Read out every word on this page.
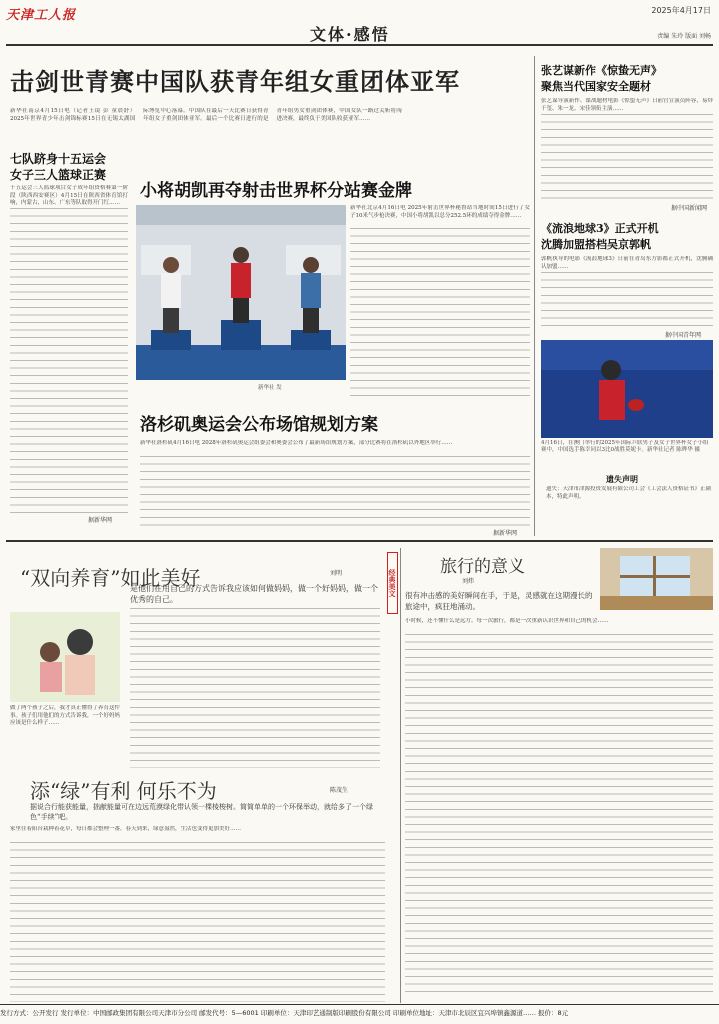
天津工人报	2025年4月17日
文体·感悟	责编 朱玲 版面 刘畅
击剑世青赛中国队获青年组女重团体亚军
新华社南京4月15日电（记者王镜 彭 童晨舒）2025年世界青少年击剑锦标赛15日在无锡太湖国际博览中心落幕。中国队在最后一天比赛日获得青年组女子重剑团体亚军。最后一个比赛日进行的是青年组男女重剑团体赛，中国女队一路过关斩将闯进决赛，最终负于美国队收获亚军……
七队跻身十五运会
女子三人篮球正赛
十五运会三人篮球项目女子成年组资格赛第一阶段（陕西西安赛区）4月15日在陕西省体育馆打响，内蒙古、山东、广东等队取得开门红……
据新华网
小将胡凯再夺射击世界杯分站赛金牌
新华社 发
新华社北京4月16日电 2025年射击世界杯秘鲁站当地时间15日进行了女子10米气步枪决赛，中国小将胡凯以总分252.5环的成绩夺得金牌……
洛杉矶奥运会公布场馆规划方案
新华社洛杉矶4月16日电 2028年洛杉矶奥运会组委会和奥委会公布了最新场馆规划方案，部分比赛将在洛杉矶以外地区举行……
据新华网
张艺谋新作《惊蛰无声》
聚焦当代国家安全题材
张艺谋导演新作、谍战题材电影《惊蛰无声》日前官宣演员阵容，易烊千玺、朱一龙、宋佳领衔主演……
据中国新闻网
《流浪地球3》正式开机
沈腾加盟搭档吴京郭帆
郭帆执导的电影《流浪地球3》日前在青岛东方影都正式开机，沈腾确认加盟……
据中国青年网
4月16日，在澳门举行的2025年国际乒联男子及女子世界杯女子小组赛中，中国选手陈幸同以3比0战胜莫妮卡。新华社记者 陈晔华 摄
遗失声明
遗失：天津市津源投资发展有限公司工会《工会法人资格证书》正副本，特此声明。
“双向养育”如此美好	刘明
是他们在用自己的方式告诉我应该如何做妈妈，做一个好妈妈，做一个优秀的自己。
做了两个孩子之后，我才真正懂得了养育这件事。孩子们用他们的方式告诉我，一个好妈妈应该是什么样子……
经典美文
添“绿”有利 何乐不为	陈茂生
据说合行能获能量，拙献能量可在边远荒漠绿化带认领一棵棱梭树。简简单单的一个环保举动，就给多了一个绿色“手续”吧。
家里住着阳台栽种着花草，每日都会整理一番。春天到来，绿意盎然，生活也变得更加美好……
旅行的意义
刘炜
很有冲击感的美好瞬间在手，于是，灵感就在这期漫长的旅途中，疯狂地涌动。
小时候，还不懂什么是远方。每一次旅行，都是一次重新认识世界和自己的机会……
发行方式：公开发行 发行单位：中国邮政集团有限公司天津市分公司 邮发代号：5—6001 印刷单位：天津印艺通制版印刷股份有限公司 印刷单位地址：天津市北辰区宜兴埠镇鑫源道…… 报价：8元
